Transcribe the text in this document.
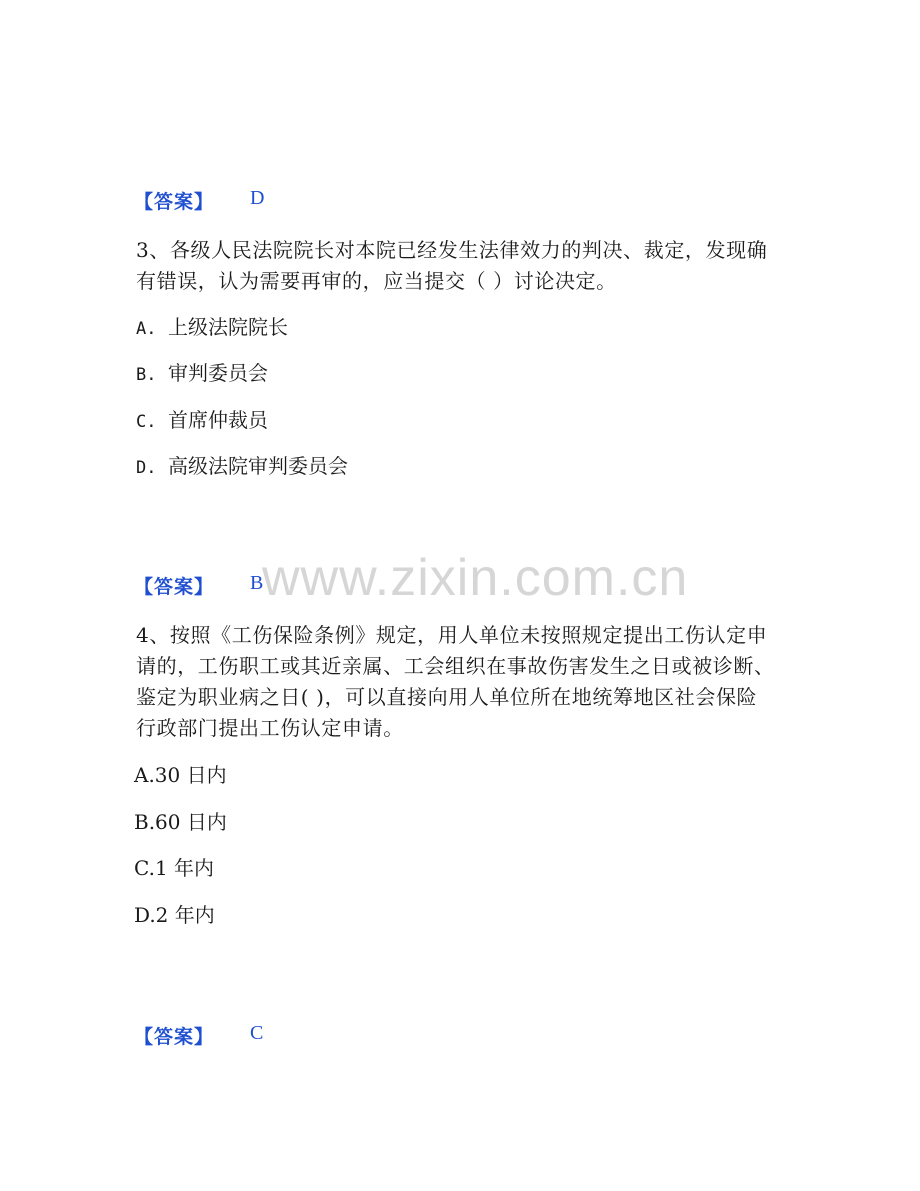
www.zixin.com.cn
【答案】 D
3、各级人民法院院长对本院已经发生法律效力的判决、裁定，发现确
有错误，认为需要再审的，应当提交（ ）讨论决定。
A. 上级法院院长
B. 审判委员会
C. 首席仲裁员
D. 高级法院审判委员会
【答案】 B
4、按照《工伤保险条例》规定，用人单位未按照规定提出工伤认定申
请的，工伤职工或其近亲属、工会组织在事故伤害发生之日或被诊断、
鉴定为职业病之日( )，可以直接向用人单位所在地统筹地区社会保险
行政部门提出工伤认定申请。
A.30 日内
B.60 日内
C.1 年内
D.2 年内
【答案】 C
